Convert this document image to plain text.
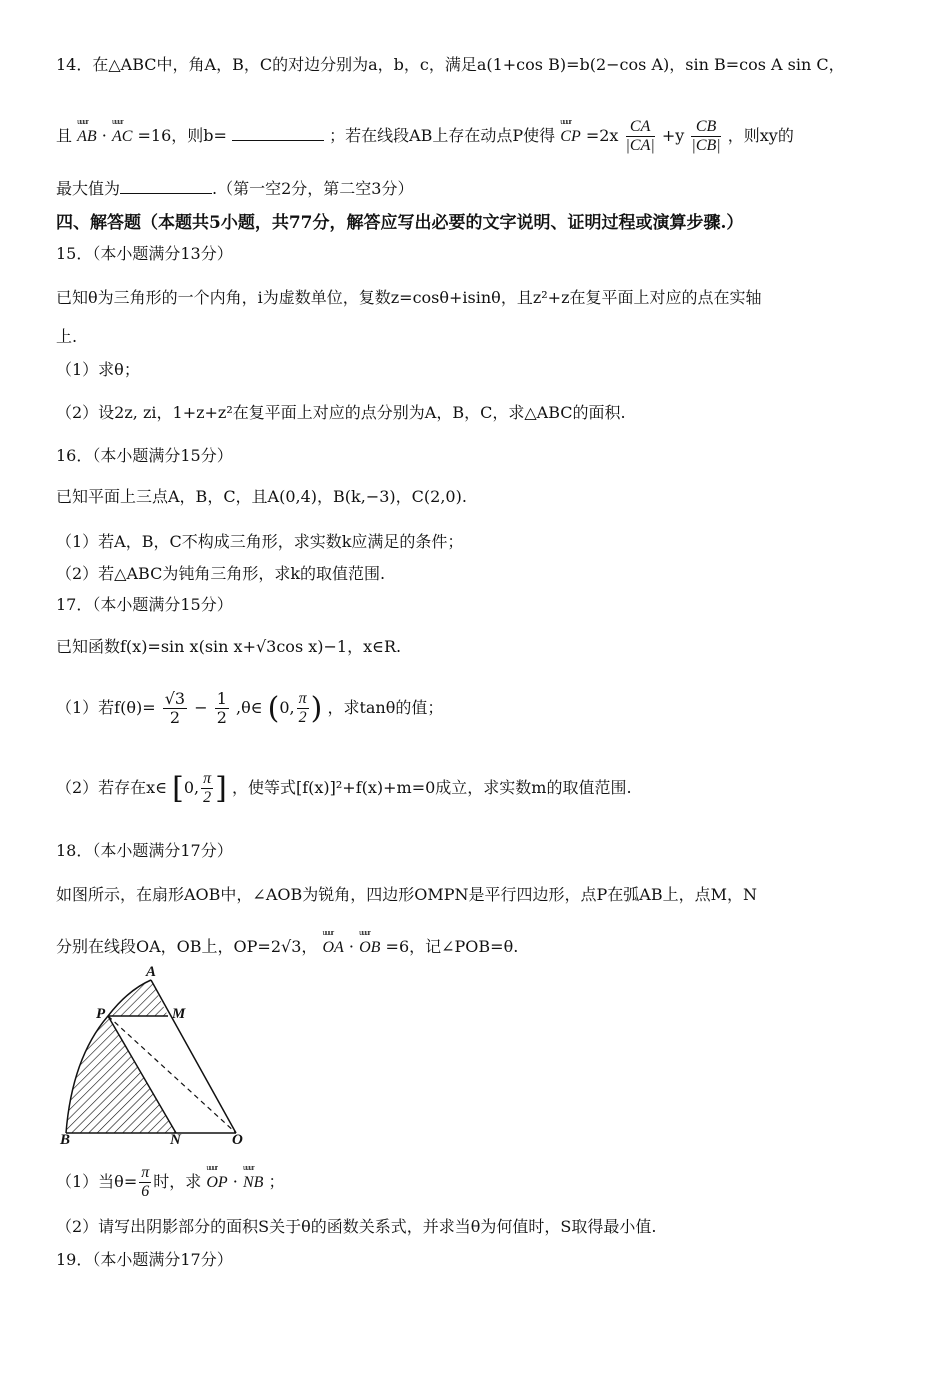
14．在△ABC中，角A，B，C的对边分别为a，b，c，满足a(1+cos B)=b(2−cos A)，sin B=cos A sin C，
且 uuur AB · uuur AC =16，则b=	；若在线段AB上存在动点P使得 uuur CP $=2x \frac{CA}{|CA|} +y \frac{CB}{|CB|}$ ，则xy的
最大值为	.（第一空2分，第二空3分）
四、解答题（本题共5小题，共77分，解答应写出必要的文字说明、证明过程或演算步骤.）
15．（本小题满分13分）
已知θ为三角形的一个内角，i为虚数单位，复数z=cosθ+isinθ，且z²+z在复平面上对应的点在实轴
上.
（1）求θ；
（2）设2z, zi，1+z+z²在复平面上对应的点分别为A，B，C，求△ABC的面积.
16．（本小题满分15分）
已知平面上三点A，B，C，且A(0,4)，B(k,−3)，C(2,0).
（1）若A，B，C不构成三角形，求实数k应满足的条件；
（2）若△ABC为钝角三角形，求k的取值范围.
17．（本小题满分15分）
已知函数f(x)=sin x(sin x+√3cos x)−1，x∈R.
（1）若$f(\theta)= \frac{√3}{2} - \frac{1}{2}$ ,θ∈ (0, $\frac{\pi}{2}$ ) ，求tanθ的值；
（2）若存在x∈ [0, $\frac{\pi}{2}$ ] ，使等式[f(x)]²+f(x)+m=0成立，求实数m的取值范围.
18．（本小题满分17分）
如图所示，在扇形AOB中，∠AOB为锐角，四边形OMPN是平行四边形，点P在弧AB上，点M，N
分别在线段OA，OB上，OP=2√3， uuur OA · uuur OB =6，记∠POB=θ.
A
P	M
B	N	O
（1）当$\theta= \frac{\pi}{6}$ 时，求 uuur OP · uuur NB ；
（2）请写出阴影部分的面积S关于θ的函数关系式，并求当θ为何值时，S取得最小值.
19．（本小题满分17分）
